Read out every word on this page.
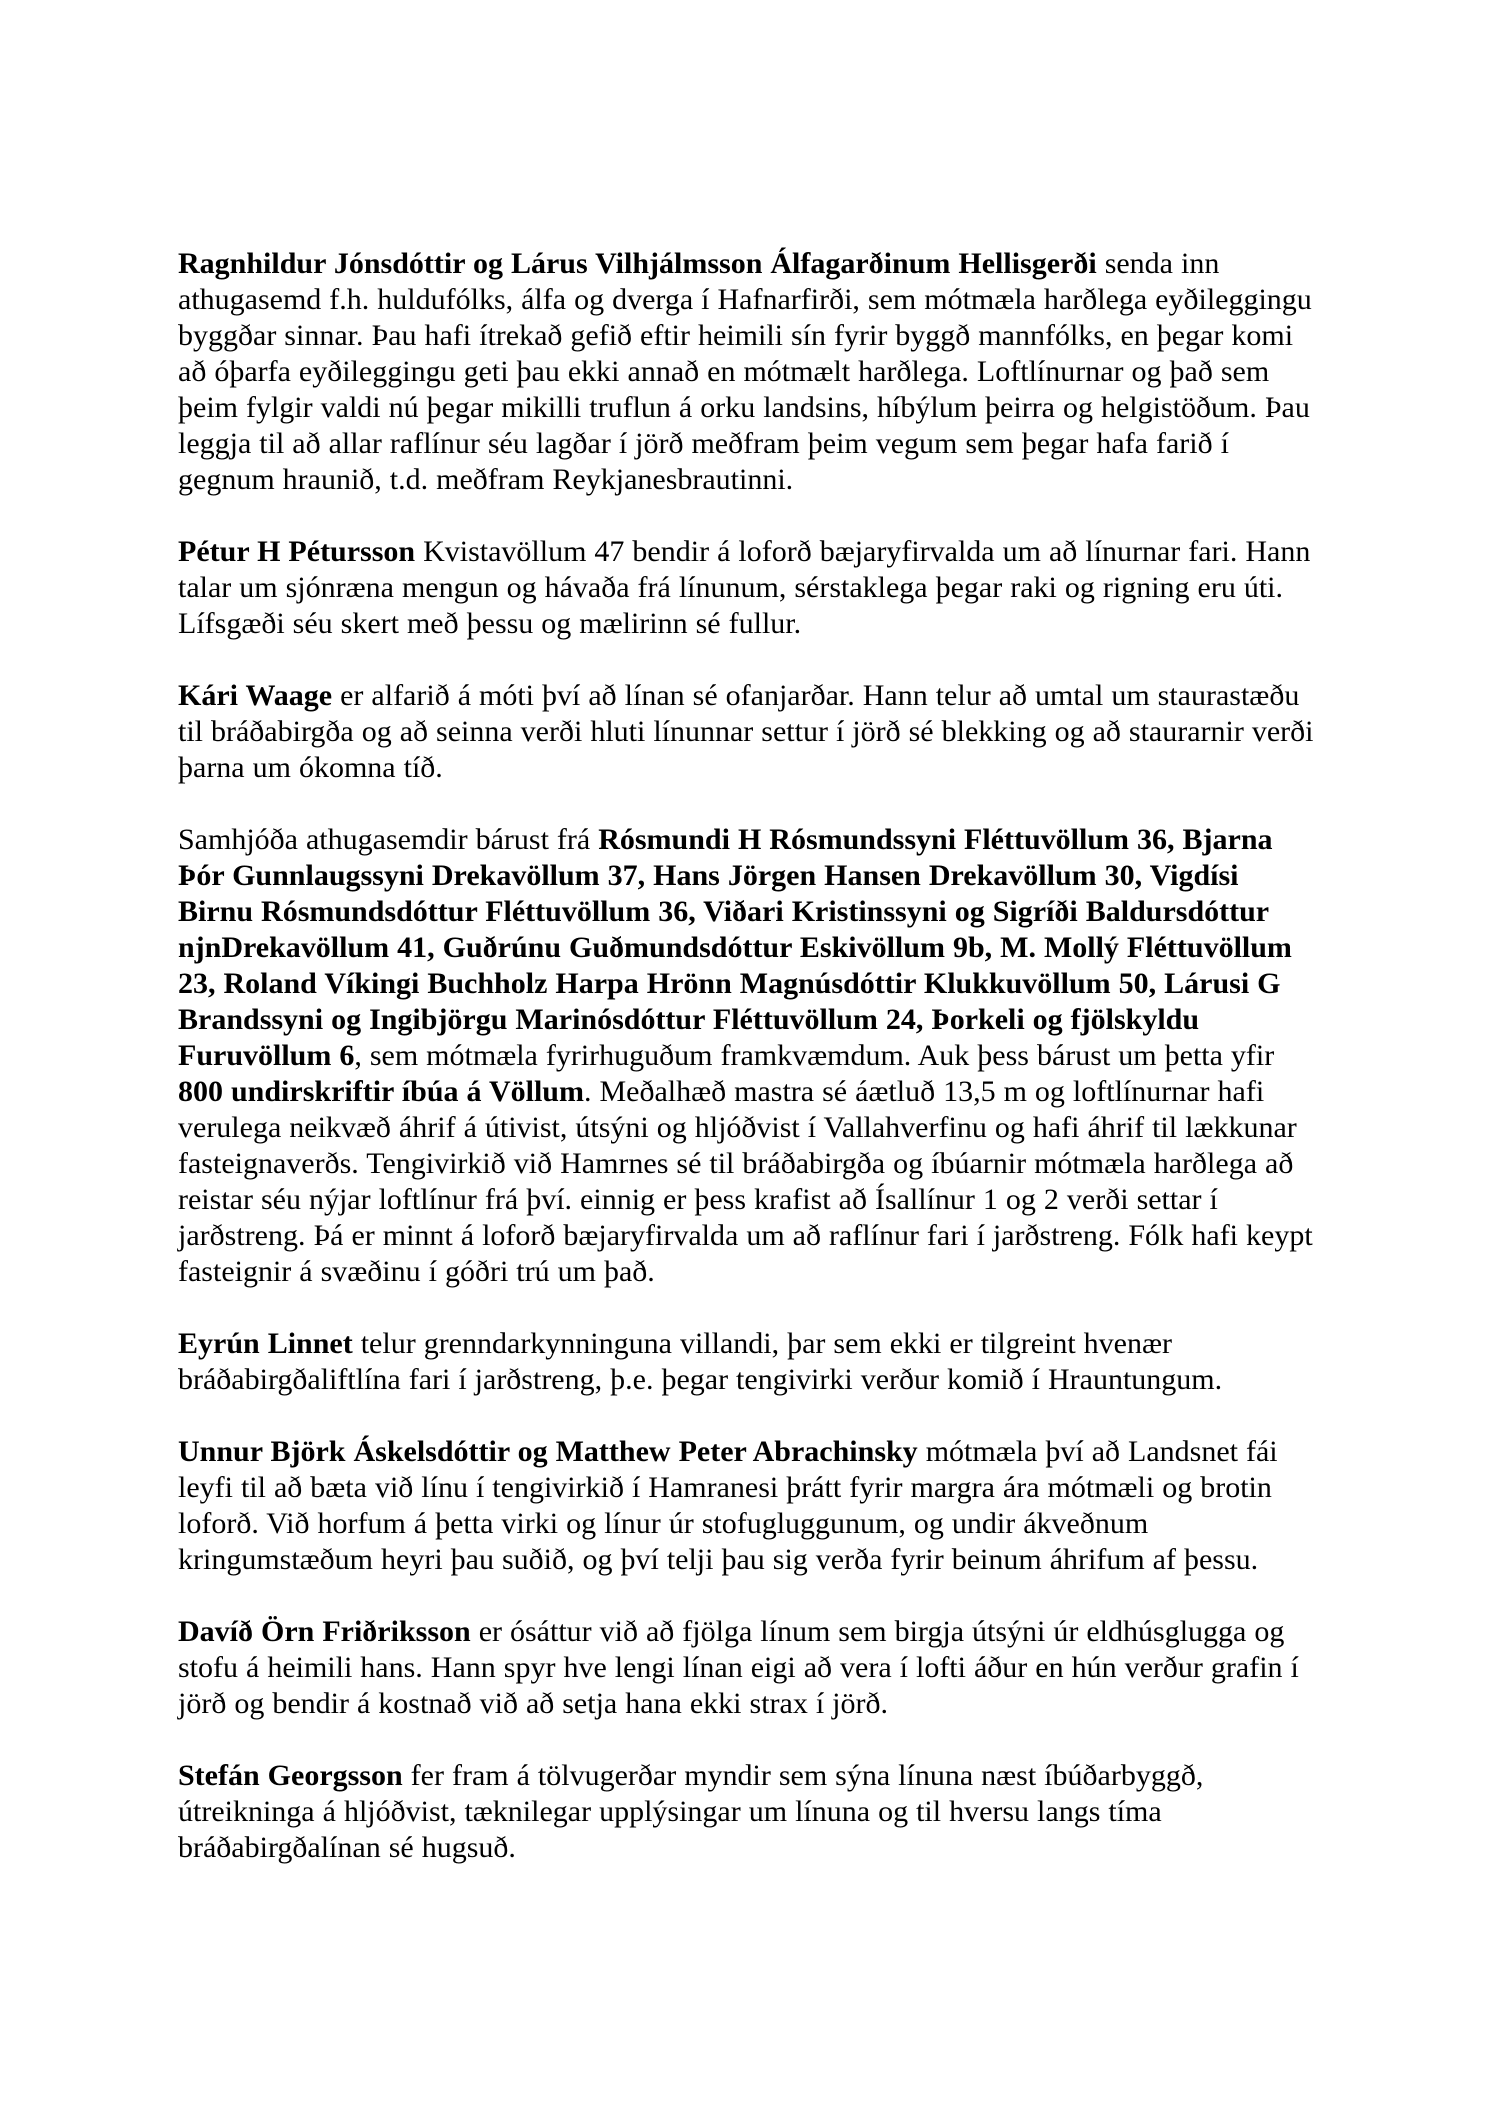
Ragnhildur Jónsdóttir og Lárus Vilhjálmsson Álfagarðinum Hellisgerði senda inn athugasemd f.h. huldufólks, álfa og dverga í Hafnarfirði, sem mótmæla harðlega eyðileggingu byggðar sinnar. Þau hafi ítrekað gefið eftir heimili sín fyrir byggð mannfólks, en þegar komi að óþarfa eyðileggingu geti þau ekki annað en mótmælt harðlega. Loftlínurnar og það sem þeim fylgir valdi nú þegar mikilli truflun á orku landsins, híbýlum þeirra og helgistöðum. Þau leggja til að allar raflínur séu lagðar í jörð meðfram þeim vegum sem þegar hafa farið í gegnum hraunið, t.d. meðfram Reykjanesbrautinni.

Pétur H Pétursson Kvistavöllum 47 bendir á loforð bæjaryfirvalda um að línurnar fari. Hann talar um sjónræna mengun og hávaða frá línunum, sérstaklega þegar raki og rigning eru úti. Lífsgæði séu skert með þessu og mælirinn sé fullur.

Kári Waage er alfarið á móti því að línan sé ofanjarðar. Hann telur að umtal um staurastæðu til bráðabirgða og að seinna verði hluti línunnar settur í jörð sé blekking og að staurarnir verði þarna um ókomna tíð.

Samhjóða athugasemdir bárust frá Rósmundi H Rósmundssyni Fléttuvöllum 36, Bjarna Þór Gunnlaugssyni Drekavöllum 37, Hans Jörgen Hansen Drekavöllum 30, Vigdísi Birnu Rósmundsdóttur Fléttuvöllum 36, Viðari Kristinssyni og Sigríði Baldursdóttur njnDrekavöllum 41, Guðrúnu Guðmundsdóttur Eskivöllum 9b, M. Mollý Fléttuvöllum 23, Roland Víkingi Buchholz Harpa Hrönn Magnúsdóttir Klukkuvöllum 50, Lárusi G Brandssyni og Ingibjörgu Marinósdóttur Fléttuvöllum 24, Þorkeli og fjölskyldu Furuvöllum 6, sem mótmæla fyrirhuguðum framkvæmdum. Auk þess bárust um þetta yfir 800 undirskriftir íbúa á Völlum. Meðalhæð mastra sé áætluð 13,5 m og loftlínurnar hafi verulega neikvæð áhrif á útivist, útsýni og hljóðvist í Vallahverfinu og hafi áhrif til lækkunar fasteignaverðs. Tengivirkið við Hamrnes sé til bráðabirgða og íbúarnir mótmæla harðlega að reistar séu nýjar loftlínur frá því. einnig er þess krafist að Ísallínur 1 og 2 verði settar í jarðstreng. Þá er minnt á loforð bæjaryfirvalda um að raflínur fari í jarðstreng. Fólk hafi keypt fasteignir á svæðinu í góðri trú um það.

Eyrún Linnet telur grenndarkynninguna villandi, þar sem ekki er tilgreint hvenær bráðabirgðaliftlína fari í jarðstreng, þ.e. þegar tengivirki verður komið í Hrauntungum.

Unnur Björk Áskelsdóttir og Matthew Peter Abrachinsky mótmæla því að Landsnet fái leyfi til að bæta við línu í tengivirkið í Hamranesi þrátt fyrir margra ára mótmæli og brotin loforð. Við horfum á þetta virki og línur úr stofugluggunum, og undir ákveðnum kringumstæðum heyri þau suðið, og því telji þau sig verða fyrir beinum áhrifum af þessu.

Davíð Örn Friðriksson er ósáttur við að fjölga línum sem birgja útsýni úr eldhúsglugga og stofu á heimili hans. Hann spyr hve lengi línan eigi að vera í lofti áður en hún verður grafin í jörð og bendir á kostnað við að setja hana ekki strax í jörð.

Stefán Georgsson fer fram á tölvugerðar myndir sem sýna línuna næst íbúðarbyggð, útreikninga á hljóðvist, tæknilegar upplýsingar um línuna og til hversu langs tíma bráðabirgðalínan sé hugsuð.
